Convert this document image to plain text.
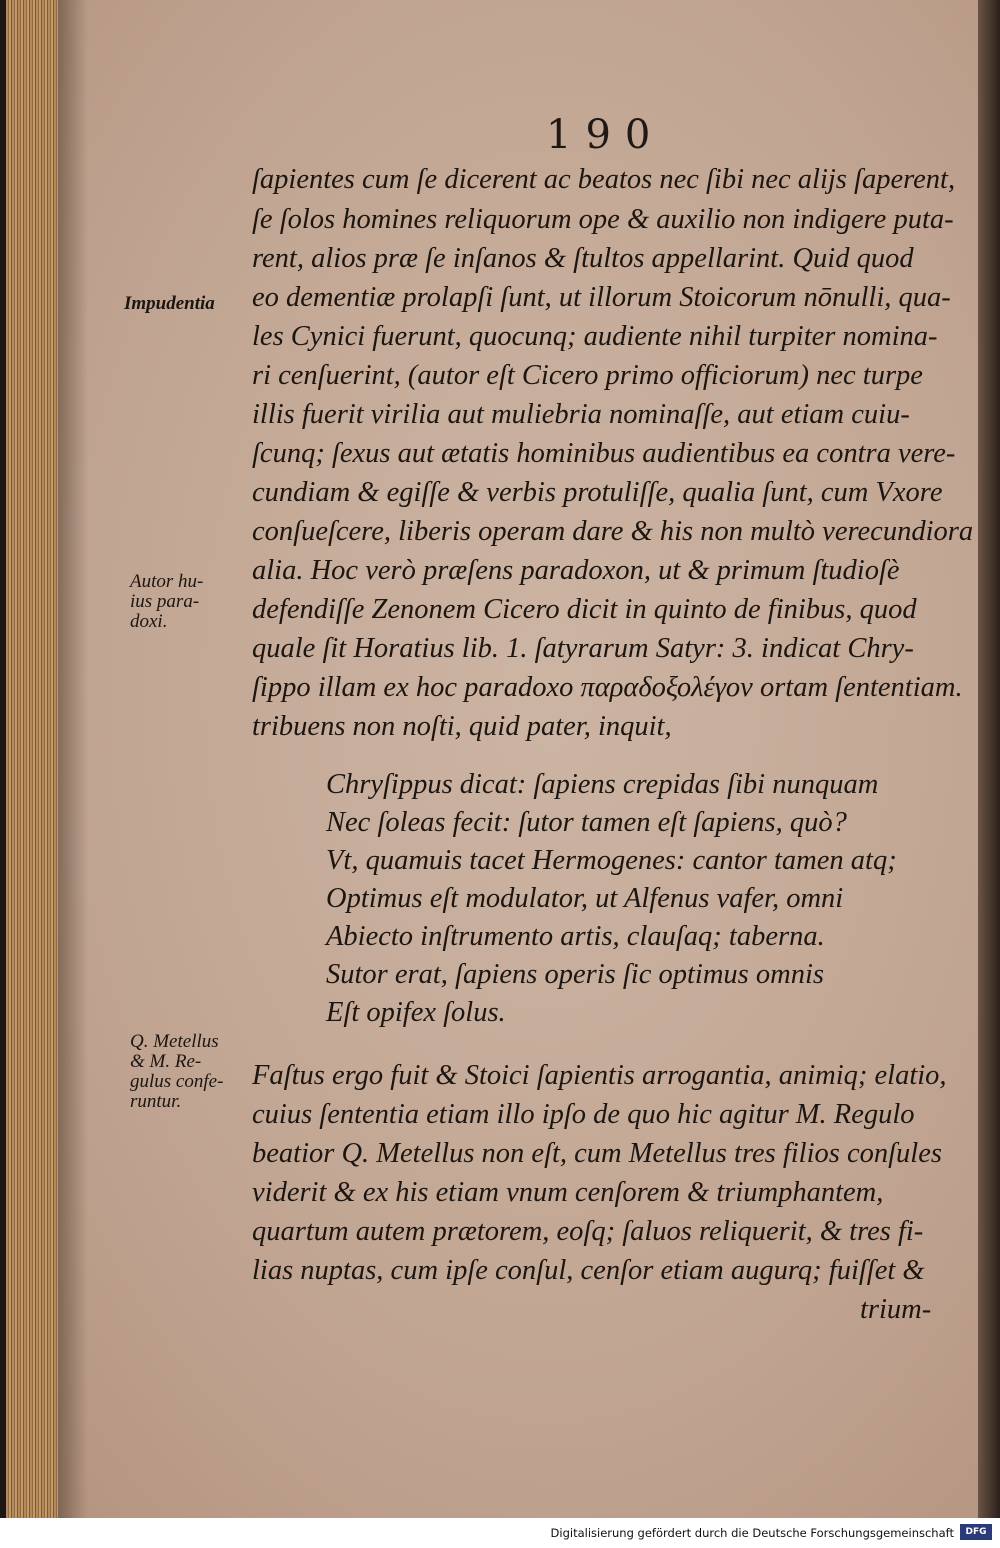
190
Impudentia
Autor hu-
ius para-
doxi.
Q. Metellus
& M. Re-
gulus confe-
runtur.
ſapientes cum ſe dicerent ac beatos nec ſibi nec alijs ſaperent,
ſe ſolos homines reliquorum ope & auxilio non indigere puta-
rent, alios præ ſe inſanos & ſtultos appellarint. Quid quod
eo dementiæ prolapſi ſunt, ut illorum Stoicorum nōnulli, qua-
les Cynici fuerunt, quocunq; audiente nihil turpiter nomina-
ri cenſuerint, (autor eſt Cicero primo officiorum) nec turpe
illis fuerit virilia aut muliebria nominaſſe, aut etiam cuiu-
ſcunq; ſexus aut ætatis hominibus audientibus ea contra vere-
cundiam & egiſſe & verbis protuliſſe, qualia ſunt, cum Vxore
conſueſcere, liberis operam dare & his non multò verecundiora
alia. Hoc verò præſens paradoxon, ut & primum ſtudioſè
defendiſſe Zenonem Cicero dicit in quinto de finibus, quod
quale ſit Horatius lib. 1. ſatyrarum Satyr: 3. indicat Chry-
ſippo illam ex hoc paradoxo παραδοξολέγον ortam ſententiam.
tribuens non noſti, quid pater, inquit,
Chryſippus dicat: ſapiens crepidas ſibi nunquam
Nec ſoleas fecit: ſutor tamen eſt ſapiens, quò?
Vt, quamuis tacet Hermogenes: cantor tamen atq;
Optimus eſt modulator, ut Alfenus vafer, omni
Abiecto inſtrumento artis, clauſaq; taberna.
Sutor erat, ſapiens operis ſic optimus omnis
Eſt opifex ſolus.
Faſtus ergo fuit & Stoici ſapientis arrogantia, animiq; elatio,
cuius ſententia etiam illo ipſo de quo hic agitur M. Regulo
beatior Q. Metellus non eſt, cum Metellus tres filios conſules
viderit & ex his etiam vnum cenſorem & triumphantem,
quartum autem prætorem, eoſq; ſaluos reliquerit, & tres fi-
lias nuptas, cum ipſe conſul, cenſor etiam augurq; fuiſſet &
trium-
Digitalisierung gefördert durch die Deutsche Forschungsgemeinschaft	DFG
